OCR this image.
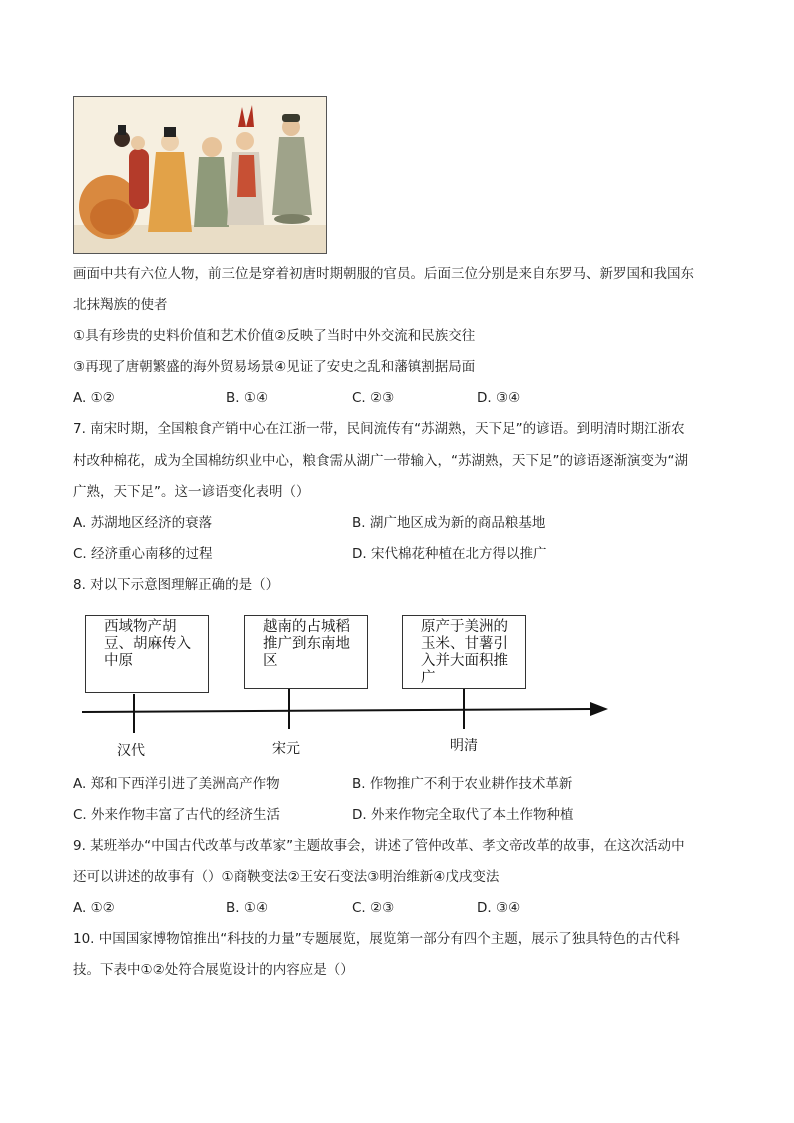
画面中共有六位人物，前三位是穿着初唐时期朝服的官员。后面三位分别是来自东罗马、新罗国和我国东
北抹羯族的使者
①具有珍贵的史料价值和艺术价值②反映了当时中外交流和民族交往
③再现了唐朝繁盛的海外贸易场景④见证了安史之乱和藩镇割据局面
A. ①②	B. ①④	C. ②③	D. ③④
7. 南宋时期，全国粮食产销中心在江浙一带，民间流传有“苏湖熟，天下足”的谚语。到明清时期江浙农
村改种棉花，成为全国棉纺织业中心，粮食需从湖广一带输入，“苏湖熟，天下足”的谚语逐渐演变为“湖
广熟，天下足”。这一谚语变化表明（）
A. 苏湖地区经济的衰落	B. 湖广地区成为新的商品粮基地
C. 经济重心南移的过程	D. 宋代棉花种植在北方得以推广
8. 对以下示意图理解正确的是（）
西域物产胡豆、胡麻传入中原
越南的占城稻推广到东南地区
原产于美洲的玉米、甘薯引入并大面积推广
汉代	宋元	明清
A. 郑和下西洋引进了美洲高产作物	B. 作物推广不利于农业耕作技术革新
C. 外来作物丰富了古代的经济生活	D. 外来作物完全取代了本土作物种植
9. 某班举办“中国古代改革与改革家”主题故事会，讲述了管仲改革、孝文帝改革的故事，在这次活动中
还可以讲述的故事有（）①商鞅变法②王安石变法③明治维新④戊戌变法
A. ①②	B. ①④	C. ②③	D. ③④
10. 中国国家博物馆推出“科技的力量”专题展览，展览第一部分有四个主题，展示了独具特色的古代科
技。下表中①②处符合展览设计的内容应是（）
